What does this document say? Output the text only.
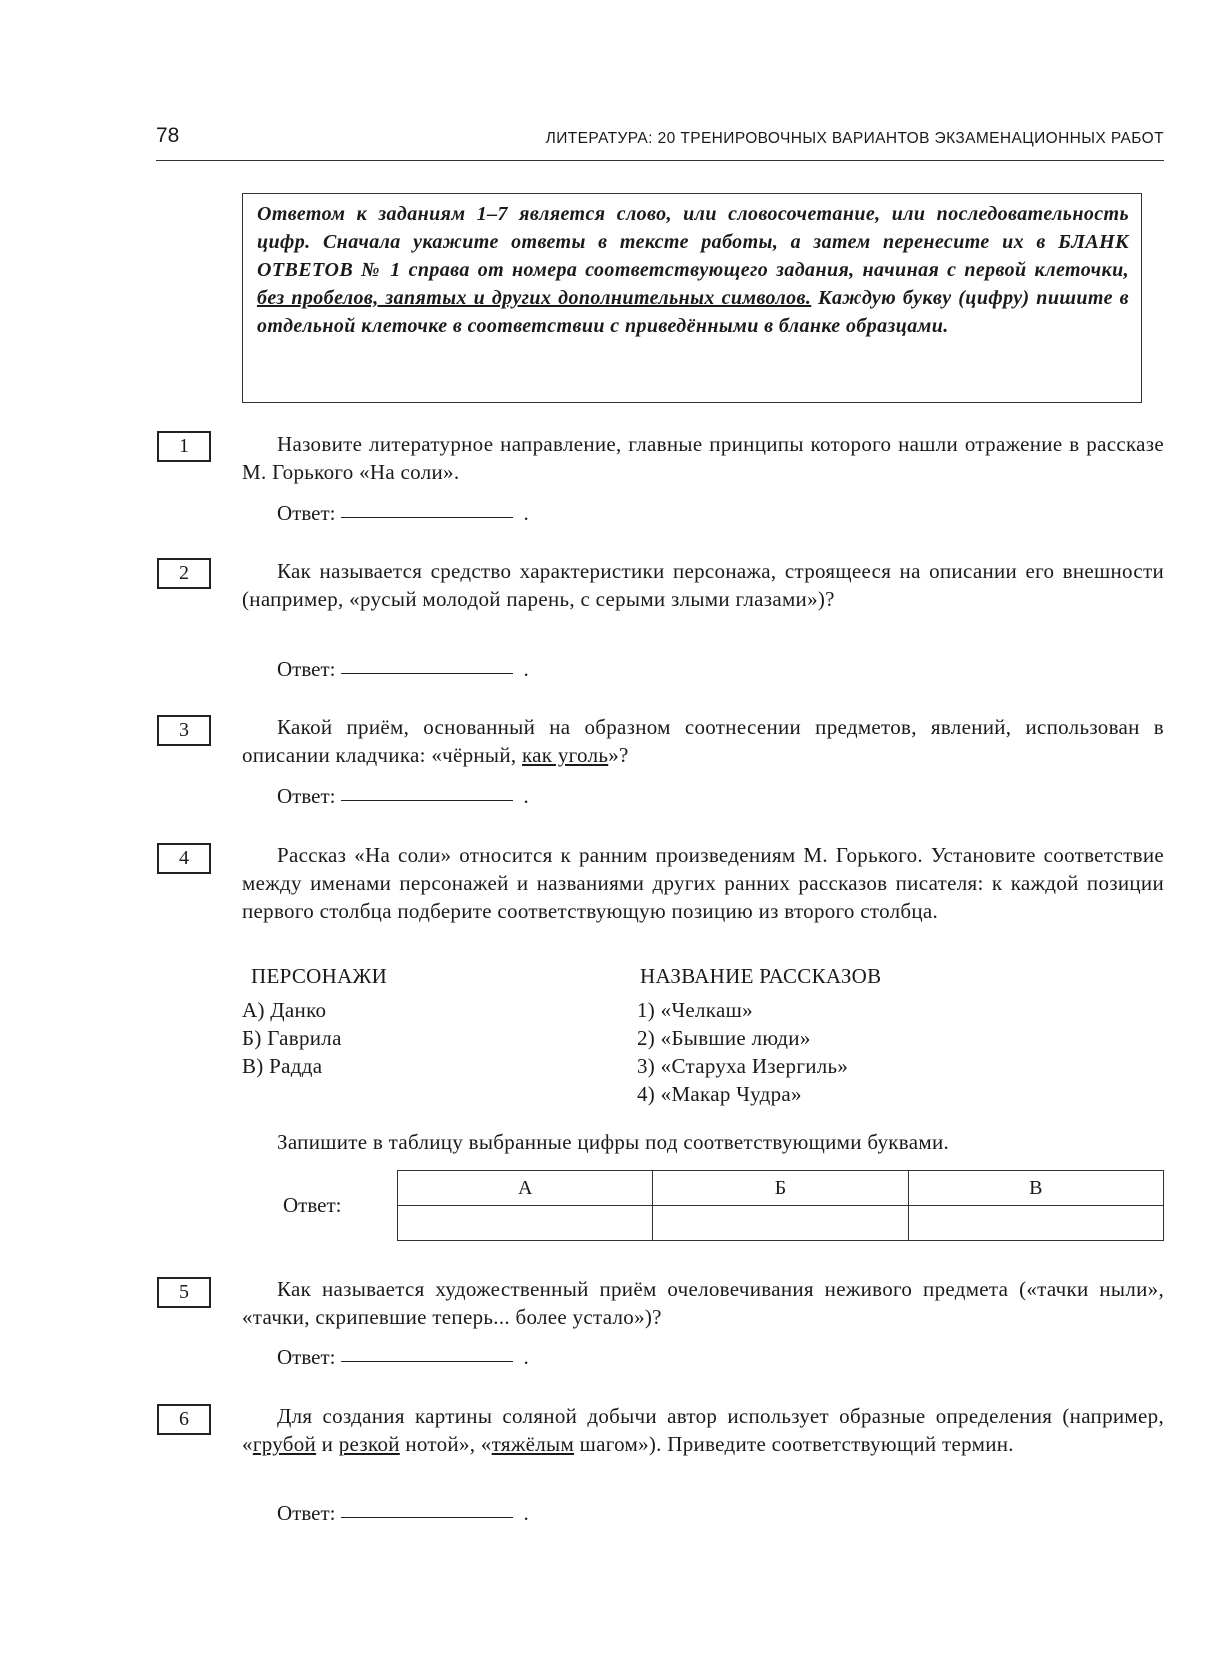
78	ЛИТЕРАТУРА: 20 ТРЕНИРОВОЧНЫХ ВАРИАНТОВ ЭКЗАМЕНАЦИОННЫХ РАБОТ
Ответом к заданиям 1–7 является слово, или словосочетание, или последовательность цифр. Сначала укажите ответы в тексте работы, а затем перенесите их в БЛАНК ОТВЕТОВ № 1 справа от номера соответствующего задания, начиная с первой клеточки, без пробелов, запятых и других дополнительных символов. Каждую букву (цифру) пишите в отдельной клеточке в соответствии с приведёнными в бланке образцами.
1	Назовите литературное направление, главные принципы которого нашли отражение в рассказе М. Горького «На соли».
Ответ:	.
2	Как называется средство характеристики персонажа, строящееся на описании его внешности (например, «русый молодой парень, с серыми злыми глазами»)?
Ответ:	.
3	Какой приём, основанный на образном соотнесении предметов, явлений, использован в описании кладчика: «чёрный, как уголь»?
Ответ:	.
4	Рассказ «На соли» относится к ранним произведениям М. Горького. Установите соответствие между именами персонажей и названиями других ранних рассказов писателя: к каждой позиции первого столбца подберите соответствующую позицию из второго столбца.
ПЕРСОНАЖИ	НАЗВАНИЕ РАССКАЗОВ
А) Данко
Б) Гаврила
В) Радда
1) «Челкаш»
2) «Бывшие люди»
3) «Старуха Изергиль»
4) «Макар Чудра»
Запишите в таблицу выбранные цифры под соответствующими буквами.
Ответ:
А	Б	В

5	Как называется художественный приём очеловечивания неживого предмета («тачки ныли», «тачки, скрипевшие теперь... более устало»)?
Ответ:	.
6	Для создания картины соляной добычи автор использует образные определения (например, «грубой и резкой нотой», «тяжёлым шагом»). Приведите соответствующий термин.
Ответ:	.
